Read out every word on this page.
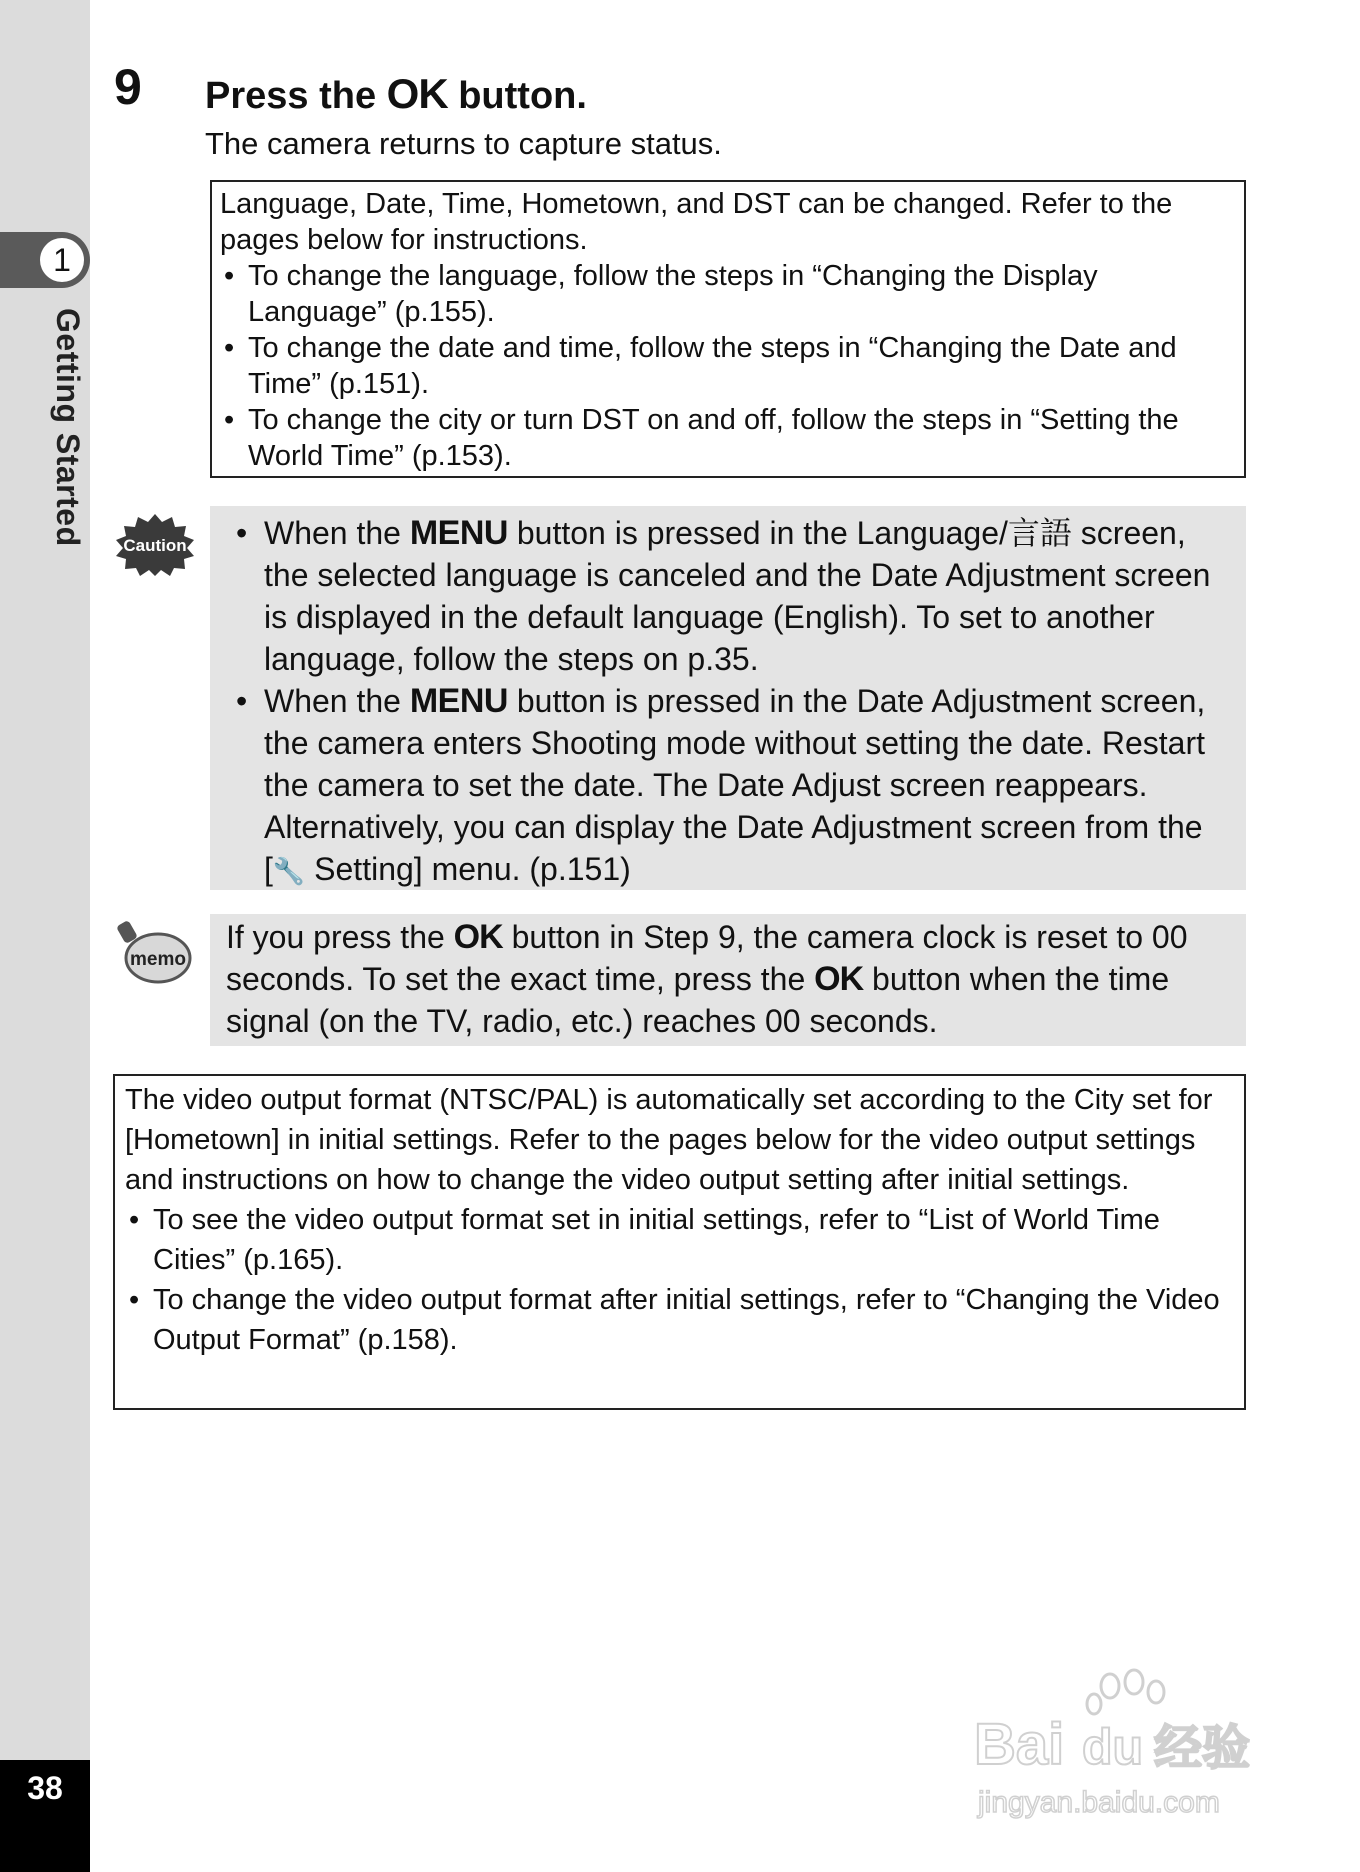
1
Getting Started
38
9 Press the OK button.
The camera returns to capture status.
Language, Date, Time, Hometown, and DST can be changed. Refer to the pages below for instructions.
• To change the language, follow the steps in “Changing the Display Language” (p.155).
• To change the date and time, follow the steps in “Changing the Date and Time” (p.151).
• To change the city or turn DST on and off, follow the steps in “Setting the World Time” (p.153).
Caution
•	When the MENU button is pressed in the Language/言語 screen, the selected language is canceled and the Date Adjustment screen is displayed in the default language (English). To set to another language, follow the steps on p.35.
• When the MENU button is pressed in the Date Adjustment screen, the camera enters Shooting mode without setting the date. Restart the camera to set the date. The Date Adjust screen reappears. Alternatively, you can display the Date Adjustment screen from the [🔧 Setting] menu. (p.151)
memo
If you press the OK button in Step 9, the camera clock is reset to 00 seconds. To set the exact time, press the OK button when the time signal (on the TV, radio, etc.) reaches 00 seconds.
The video output format (NTSC/PAL) is automatically set according to the City set for [Hometown] in initial settings. Refer to the pages below for the video output settings and instructions on how to change the video output setting after initial settings.
• To see the video output format set in initial settings, refer to “List of World Time Cities” (p.165).
• To change the video output format after initial settings, refer to “Changing the Video Output Format” (p.158).
Bai du 经验
jingyan.baidu.com
